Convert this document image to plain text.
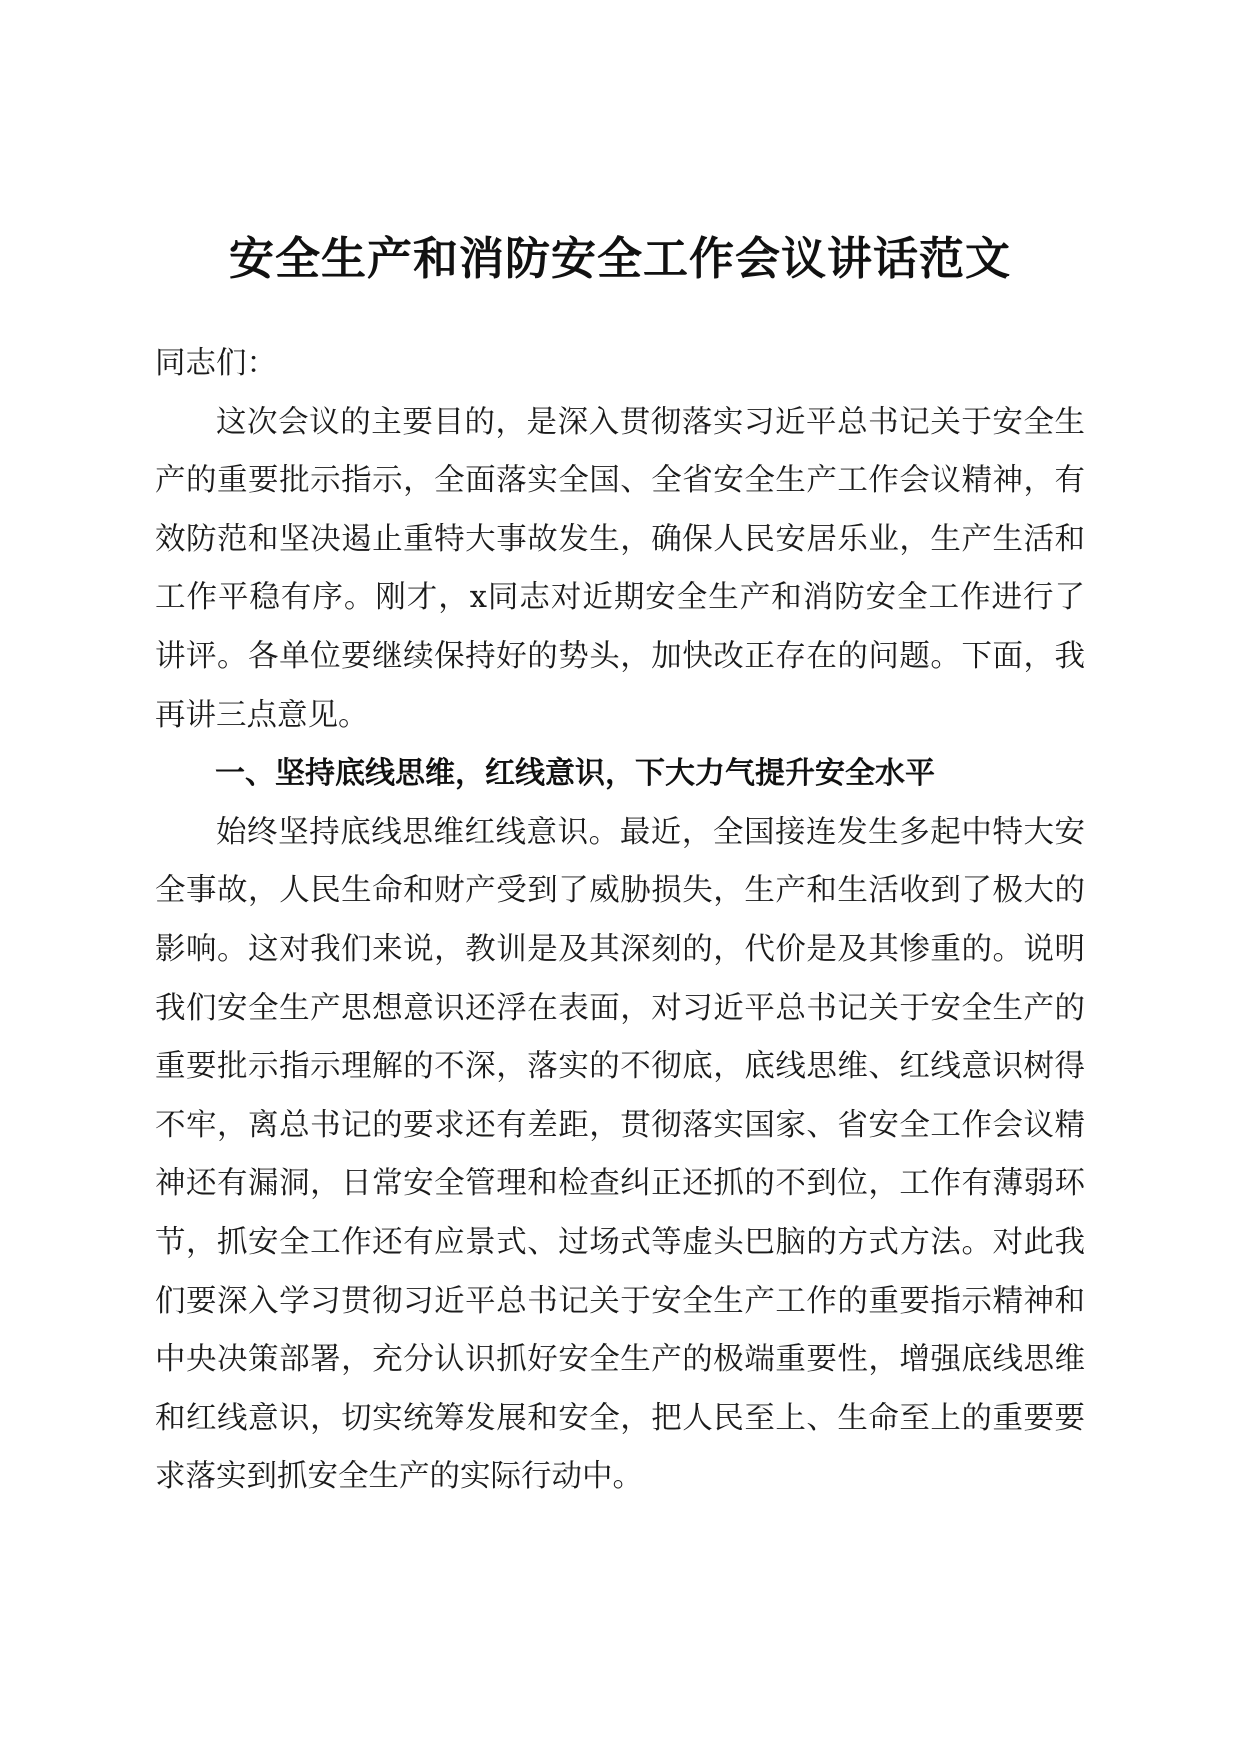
安全生产和消防安全工作会议讲话范文

同志们：

这次会议的主要目的，是深入贯彻落实习近平总书记关于安全生产的重要批示指示，全面落实全国、全省安全生产工作会议精神，有效防范和坚决遏止重特大事故发生，确保人民安居乐业，生产生活和工作平稳有序。刚才，x同志对近期安全生产和消防安全工作进行了讲评。各单位要继续保持好的势头，加快改正存在的问题。下面，我再讲三点意见。

一、坚持底线思维，红线意识，下大力气提升安全水平

始终坚持底线思维红线意识。最近，全国接连发生多起中特大安全事故，人民生命和财产受到了威胁损失，生产和生活收到了极大的影响。这对我们来说，教训是及其深刻的，代价是及其惨重的。说明我们安全生产思想意识还浮在表面，对习近平总书记关于安全生产的重要批示指示理解的不深，落实的不彻底，底线思维、红线意识树得不牢，离总书记的要求还有差距，贯彻落实国家、省安全工作会议精神还有漏洞，日常安全管理和检查纠正还抓的不到位，工作有薄弱环节，抓安全工作还有应景式、过场式等虚头巴脑的方式方法。对此我们要深入学习贯彻习近平总书记关于安全生产工作的重要指示精神和中央决策部署，充分认识抓好安全生产的极端重要性，增强底线思维和红线意识，切实统筹发展和安全，把人民至上、生命至上的重要要求落实到抓安全生产的实际行动中。
